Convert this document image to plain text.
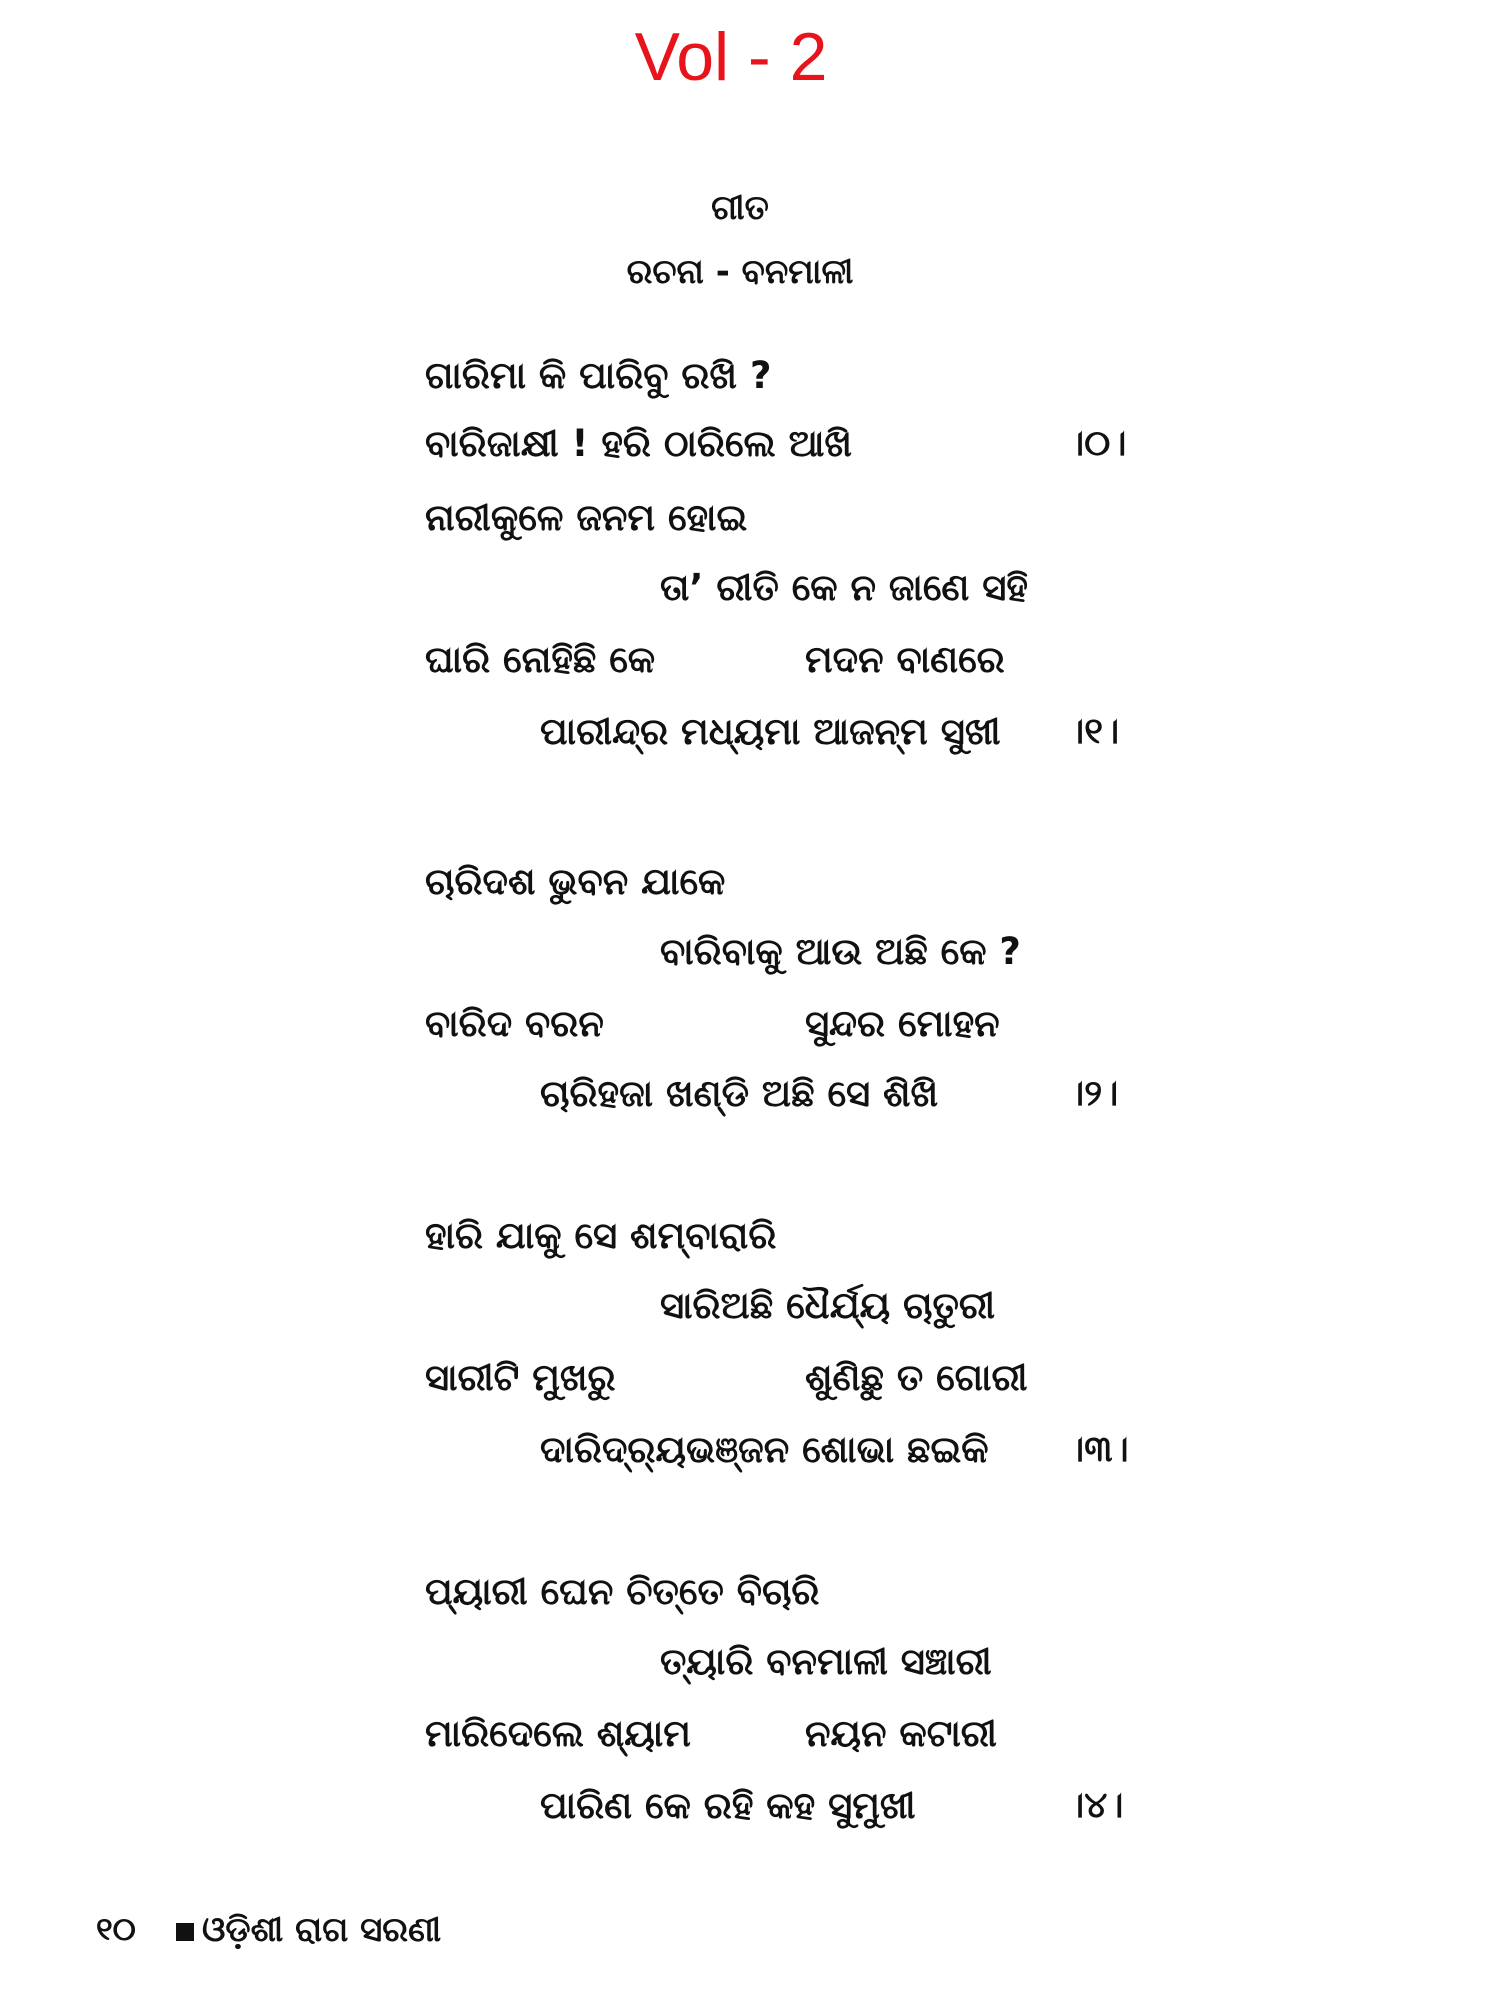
Vol - 2
ଗୀତ
ରଚନା - ବନମାଳୀ
ଗାରିମା କି ପାରିବୁ ରଖି ?
ବାରିଜାକ୍ଷୀ ! ହରି ଠାରିଲେ ଆଖି	।୦।
ନାରୀକୁଳେ ଜନମ ହୋଇ
ତା’ ରୀତି କେ ନ ଜାଣେ ସହି
ଘାରି ନୋହିଛି କେ	ମଦନ ବାଣରେ
ପାରୀନ୍ଦ୍ର ମଧ୍ୟମା ଆଜନ୍ମ ସୁଖୀ ।୧।
ଚାରିଦଶ ଭୁବନ ଯାକେ
ବାରିବାକୁ ଆଉ ଅଛି କେ ?
ବାରିଦ ବରନ	ସୁନ୍ଦର ମୋହନ
ଚାରିହଜା ଖଣ୍ଡି ଅଛି ସେ ଶିଖି	।୨।
ହାରି ଯାକୁ ସେ ଶମ୍ବାରାରି
ସାରିଅଛି ଧୈର୍ଯ୍ୟ ଚାତୁରୀ
ସାରୀଟି ମୁଖରୁ	ଶୁଣିଛୁ ତ ଗୋରୀ
ଦାରିଦ୍ର୍ୟଭଞ୍ଜନ ଶୋଭା ଛଇକି ।୩।
ପ୍ୟାରୀ ଘେନ ଚିତ୍ତେ ବିଚାରି
ତ୍ୟାରି ବନମାଳୀ ସଞ୍ଚାରୀ
ମାରିଦେଲେ ଶ୍ୟାମ	ନୟନ କଟାରୀ
ପାରିଣ କେ ରହି କହ ସୁମୁଖୀ	।୪।
୧୦ ଓଡ଼ିଶୀ ରାଗ ସରଣୀ
